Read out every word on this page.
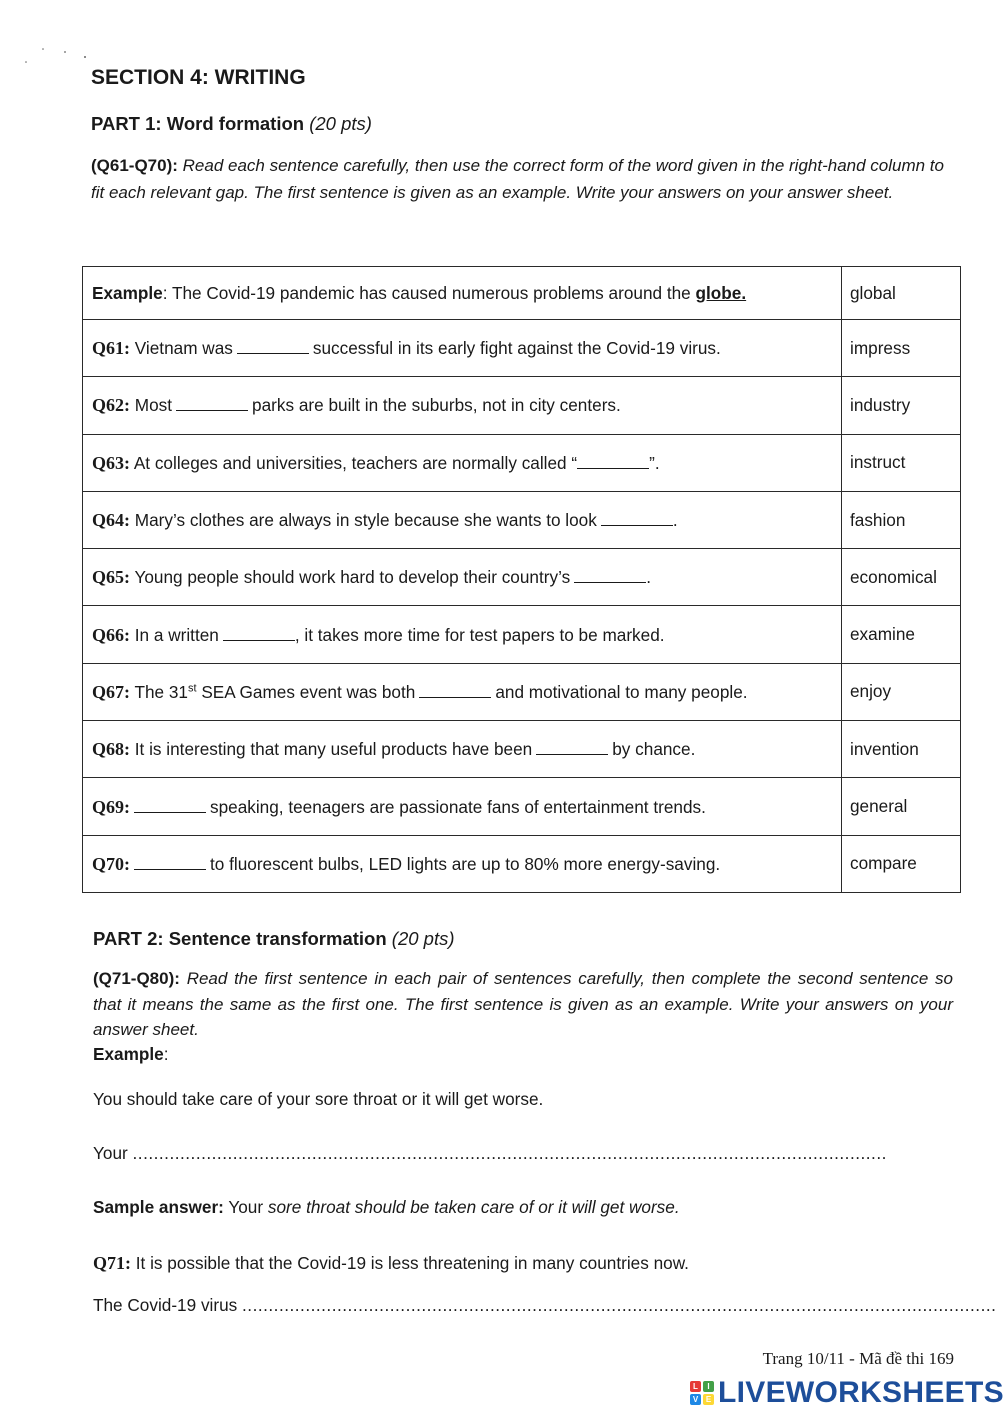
SECTION 4: WRITING
PART 1: Word formation (20 pts)
(Q61-Q70): Read each sentence carefully, then use the correct form of the word given in the right-hand column to fit each relevant gap. The first sentence is given as an example. Write your answers on your answer sheet.
Example: The Covid-19 pandemic has caused numerous problems around the globe.	global
Q61: Vietnam was successful in its early fight against the Covid-19 virus.	impress
Q62: Most parks are built in the suburbs, not in city centers.	industry
Q63: At colleges and universities, teachers are normally called “ ”.	instruct
Q64: Mary’s clothes are always in style because she wants to look .	fashion
Q65: Young people should work hard to develop their country’s .	economical
Q66: In a written , it takes more time for test papers to be marked.	examine
Q67: The 31st SEA Games event was both and motivational to many people.	enjoy
Q68: It is interesting that many useful products have been by chance.	invention
Q69: speaking, teenagers are passionate fans of entertainment trends.	general
Q70: to fluorescent bulbs, LED lights are up to 80% more energy-saving.	compare
PART 2: Sentence transformation (20 pts)
(Q71-Q80): Read the first sentence in each pair of sentences carefully, then complete the second sentence so that it means the same as the first one. The first sentence is given as an example. Write your answers on your answer sheet.
Example:
You should take care of your sore throat or it will get worse.
Your ...............................................................................................................................................
Sample answer: Your sore throat should be taken care of or it will get worse.
Q71: It is possible that the Covid-19 is less threatening in many countries now.
The Covid-19 virus ...............................................................................................................................................
Trang 10/11 - Mã đề thi 169
L	I
V E LIVEWORKSHEETS
